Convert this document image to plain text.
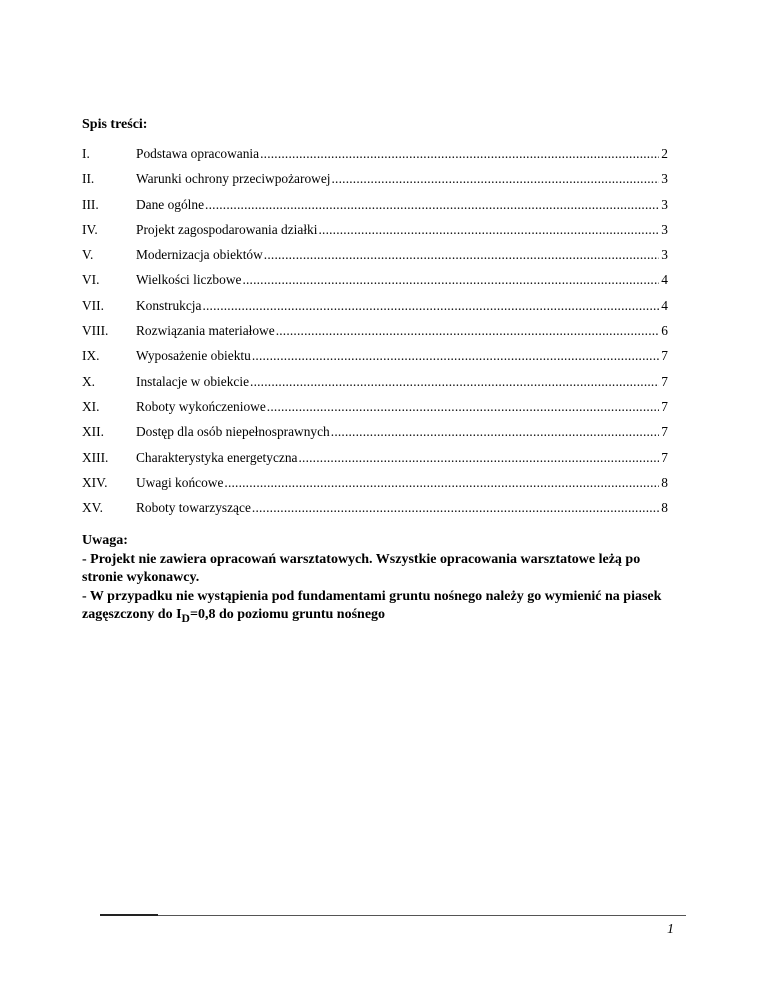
Spis treści:
I.	Podstawa opracowania .....	2
II.	Warunki ochrony przeciwpożarowej .....	3
III.	Dane ogólne .....	3
IV.	Projekt zagospodarowania działki .....	3
V.	Modernizacja obiektów .....	3
VI.	Wielkości liczbowe .....	4
VII.	Konstrukcja .....	4
VIII.	Rozwiązania materiałowe .....	6
IX.	Wyposażenie obiektu .....	7
X.	Instalacje w obiekcie .....	7
XI.	Roboty wykończeniowe .....	7
XII.	Dostęp dla osób niepełnosprawnych .....	7
XIII.	Charakterystyka energetyczna .....	7
XIV.	Uwagi końcowe .....	8
XV.	Roboty towarzyszące .....	8

Uwaga:

- Projekt nie zawiera opracowań warsztatowych. Wszystkie opracowania warsztatowe leżą po stronie wykonawcy.

- W przypadku nie wystąpienia pod fundamentami gruntu nośnego należy go wymienić na piasek zagęszczony do $I_D=0,8$ do poziomu gruntu nośnego

1
